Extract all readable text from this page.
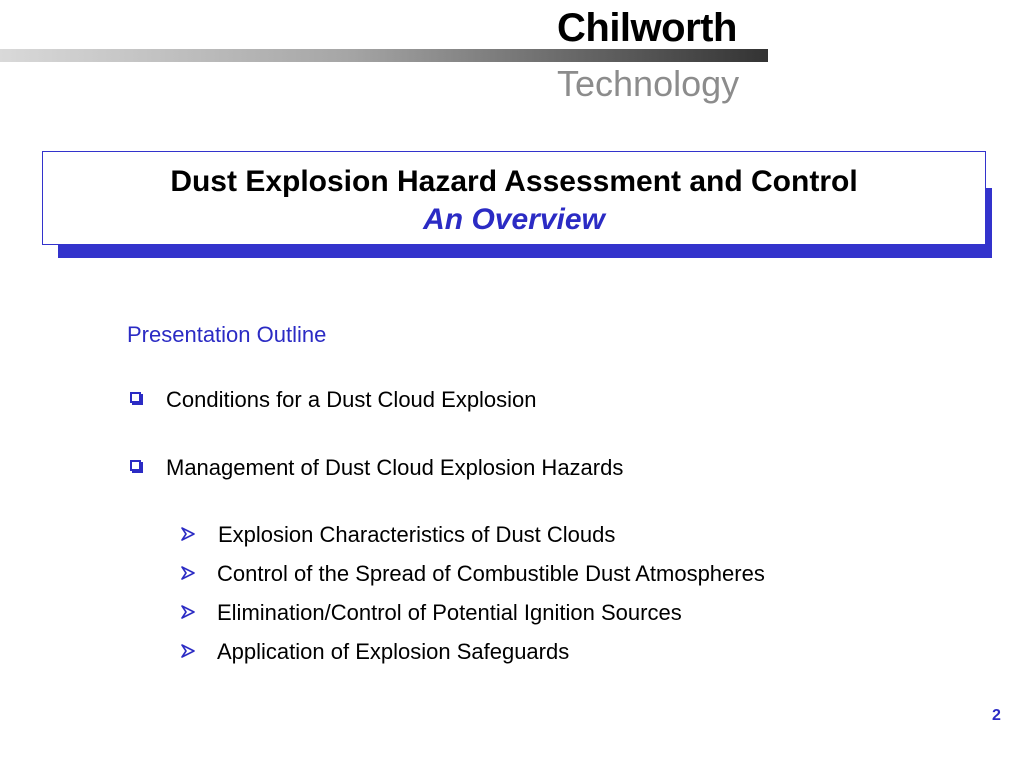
Chilworth
Technology
Dust Explosion Hazard Assessment and Control
An Overview
Presentation Outline
Conditions for a Dust Cloud Explosion
Management of Dust Cloud Explosion Hazards
Explosion Characteristics of Dust Clouds
Control of the Spread of Combustible Dust Atmospheres
Elimination/Control of Potential Ignition Sources
Application of Explosion Safeguards
2
